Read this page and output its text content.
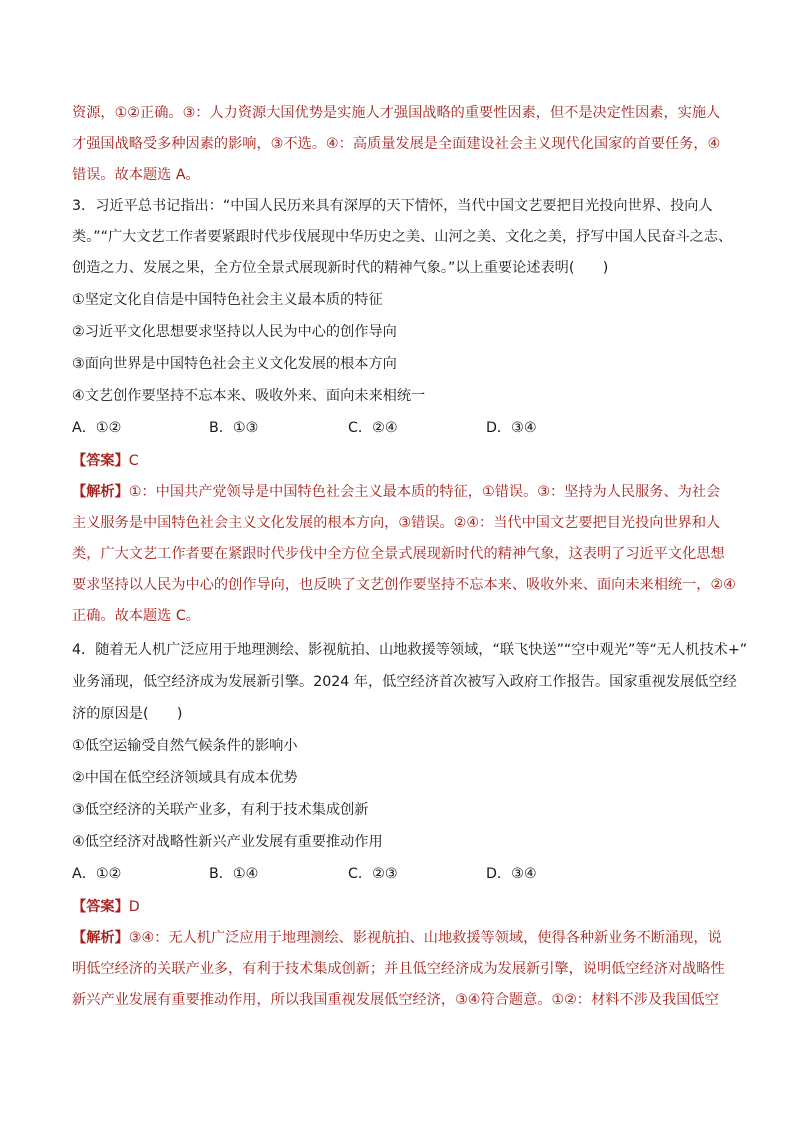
资源，①②正确。③：人力资源大国优势是实施人才强国战略的重要性因素，但不是决定性因素，实施人
才强国战略受多种因素的影响，③不选。④：高质量发展是全面建设社会主义现代化国家的首要任务，④
错误。故本题选 A。
3．习近平总书记指出：“中国人民历来具有深厚的天下情怀，当代中国文艺要把目光投向世界、投向人
类。”“广大文艺工作者要紧跟时代步伐展现中华历史之美、山河之美、文化之美，抒写中国人民奋斗之志、
创造之力、发展之果，全方位全景式展现新时代的精神气象。”以上重要论述表明(　　)
①坚定文化自信是中国特色社会主义最本质的特征
②习近平文化思想要求坚持以人民为中心的创作导向
③面向世界是中国特色社会主义文化发展的根本方向
④文艺创作要坚持不忘本来、吸收外来、面向未来相统一
A．①②	B．①③	C．②④	D．③④
【答案】C
【解析】①：中国共产党领导是中国特色社会主义最本质的特征，①错误。③：坚持为人民服务、为社会
主义服务是中国特色社会主义文化发展的根本方向，③错误。②④：当代中国文艺要把目光投向世界和人
类，广大文艺工作者要在紧跟时代步伐中全方位全景式展现新时代的精神气象，这表明了习近平文化思想
要求坚持以人民为中心的创作导向，也反映了文艺创作要坚持不忘本来、吸收外来、面向未来相统一，②④
正确。故本题选 C。
4．随着无人机广泛应用于地理测绘、影视航拍、山地救援等领域，“联飞快送”“空中观光”等“无人机技术+”
业务涌现，低空经济成为发展新引擎。2024 年，低空经济首次被写入政府工作报告。国家重视发展低空经
济的原因是(　　)
①低空运输受自然气候条件的影响小
②中国在低空经济领域具有成本优势
③低空经济的关联产业多，有利于技术集成创新
④低空经济对战略性新兴产业发展有重要推动作用
A．①②	B．①④	C．②③	D．③④
【答案】D
【解析】③④：无人机广泛应用于地理测绘、影视航拍、山地救援等领域，使得各种新业务不断涌现，说
明低空经济的关联产业多，有利于技术集成创新；并且低空经济成为发展新引擎，说明低空经济对战略性
新兴产业发展有重要推动作用，所以我国重视发展低空经济，③④符合题意。①②：材料不涉及我国低空
